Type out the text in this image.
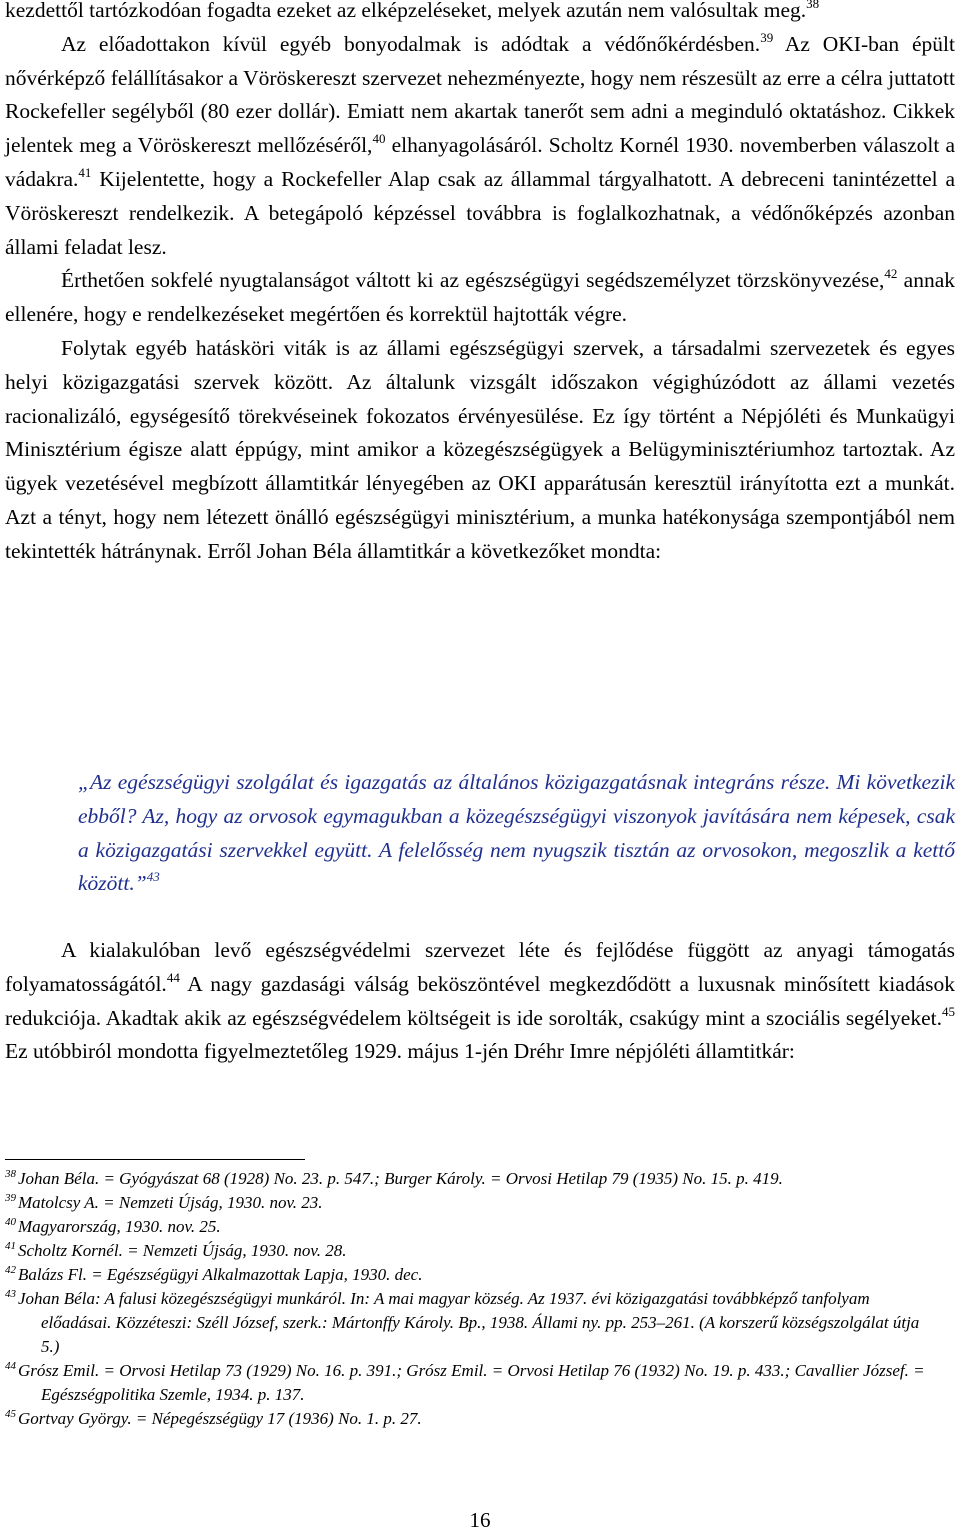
kezdettől tartózkodóan fogadta ezeket az elképzeléseket, melyek azután nem valósultak meg.$^{38}$

Az előadottakon kívül egyéb bonyodalmak is adódtak a védőnőkérdésben.$^{39}$ Az OKI-ban épült nővérképző felállításakor a Vöröskereszt szervezet nehezményezte, hogy nem részesült az erre a célra juttatott Rockefeller segélyből (80 ezer dollár). Emiatt nem akartak tanerőt sem adni a meginduló oktatáshoz. Cikkek jelentek meg a Vöröskereszt mellőzéséről,$^{40}$ elhanyagolásáról. Scholtz Kornél 1930. novemberben válaszolt a vádakra.$^{41}$ Kijelentette, hogy a Rockefeller Alap csak az állammal tárgyalhatott. A debreceni tanintézettel a Vöröskereszt rendelkezik. A betegápoló képzéssel továbbra is foglalkozhatnak, a védőnőképzés azonban állami feladat lesz.

Érthetően sokfelé nyugtalanságot váltott ki az egészségügyi segédszemélyzet törzskönyvezése,$^{42}$ annak ellenére, hogy e rendelkezéseket megértően és korrektül hajtották végre.

Folytak egyéb hatásköri viták is az állami egészségügyi szervek, a társadalmi szervezetek és egyes helyi közigazgatási szervek között. Az általunk vizsgált időszakon végighúzódott az állami vezetés racionalizáló, egységesítő törekvéseinek fokozatos érvényesülése. Ez így történt a Népjóléti és Munkaügyi Minisztérium égisze alatt éppúgy, mint amikor a közegészségügyek a Belügyminisztériumhoz tartoztak. Az ügyek vezetésével megbízott államtitkár lényegében az OKI apparátusán keresztül irányította ezt a munkát. Azt a tényt, hogy nem létezett önálló egészségügyi minisztérium, a munka hatékonysága szempontjából nem tekintették hátránynak. Erről Johan Béla államtitkár a következőket mondta:

„Az egészségügyi szolgálat és igazgatás az általános közigazgatásnak integráns része. Mi következik ebből? Az, hogy az orvosok egymagukban a közegészségügyi viszonyok javítására nem képesek, csak a közigazgatási szervekkel együtt. A felelősség nem nyugszik tisztán az orvosokon, megoszlik a kettő között.”$^{43}$

A kialakulóban levő egészségvédelmi szervezet léte és fejlődése függött az anyagi támogatás folyamatosságától.$^{44}$ A nagy gazdasági válság beköszöntével megkezdődött a luxusnak minősített kiadások redukciója. Akadtak akik az egészségvédelem költségeit is ide sorolták, csakúgy mint a szociális segélyeket.$^{45}$ Ez utóbbiról mondotta figyelmeztetőleg 1929. május 1-jén Dréhr Imre népjóléti államtitkár:

$^{38}$ Johan Béla. = Gyógyászat 68 (1928) No. 23. p. 547.; Burger Károly. = Orvosi Hetilap 79 (1935) No. 15. p. 419.

$^{39}$ Matolcsy A. = Nemzeti Újság, 1930. nov. 23.

$^{40}$ Magyarország, 1930. nov. 25.

$^{41}$ Scholtz Kornél. = Nemzeti Újság, 1930. nov. 28.

$^{42}$ Balázs Fl. = Egészségügyi Alkalmazottak Lapja, 1930. dec.

$^{43}$ Johan Béla: A falusi közegészségügyi munkáról. In: A mai magyar község. Az 1937. évi közigazgatási továbbképző tanfolyam előadásai. Közzéteszi: Széll József, szerk.: Mártonffy Károly. Bp., 1938. Állami ny. pp. 253–261. (A korszerű községszolgálat útja 5.)

$^{44}$ Grósz Emil. = Orvosi Hetilap 73 (1929) No. 16. p. 391.; Grósz Emil. = Orvosi Hetilap 76 (1932) No. 19. p. 433.; Cavallier József. = Egészségpolitika Szemle, 1934. p. 137.

$^{45}$ Gortvay György. = Népegészségügy 17 (1936) No. 1. p. 27.

16
